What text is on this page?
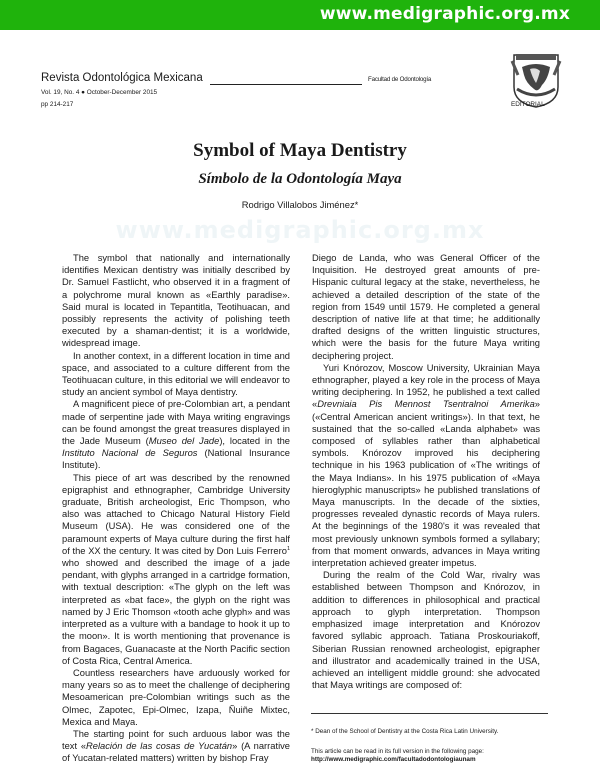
www.medigraphic.org.mx
Revista Odontológica Mexicana	Facultad de Odontología
Vol. 19, No. 4 ● October-December 2015
pp 214-217	EDITORIAL
Symbol of Maya Dentistry
Símbolo de la Odontología Maya
Rodrigo Villalobos Jiménez*
www.medigraphic.org.mx

The symbol that nationally and internationally identifies Mexican dentistry was initially described by Dr. Samuel Fastlicht, who observed it in a fragment of a polychrome mural known as «Earthly paradise». Said mural is located in Tepantitla, Teotihuacan, and possibly represents the activity of polishing teeth executed by a shaman-dentist; it is a worldwide, widespread image.

In another context, in a different location in time and space, and associated to a culture different from the Teotihuacan culture, in this editorial we will endeavor to study an ancient symbol of Maya dentistry.

A magnificent piece of pre-Colombian art, a pendant made of serpentine jade with Maya writing engravings can be found amongst the great treasures displayed in the Jade Museum (Museo del Jade), located in the Instituto Nacional de Seguros (National Insurance Institute).

This piece of art was described by the renowned epigraphist and ethnographer, Cambridge University graduate, British archeologist, Eric Thompson, who also was attached to Chicago Natural History Field Museum (USA). He was considered one of the paramount experts of Maya culture during the first half of the XX the century. It was cited by Don Luis Ferrero$^1$ who showed and described the image of a jade pendant, with glyphs arranged in a cartridge formation, with textual description: «The glyph on the left was interpreted as «bat face», the glyph on the right was named by J Eric Thomson «tooth ache glyph» and was interpreted as a vulture with a bandage to hook it up to the moon». It is worth mentioning that provenance is from Bagaces, Guanacaste at the North Pacific section of Costa Rica, Central America.

Countless researchers have arduously worked for many years so as to meet the challenge of deciphering Mesoamerican pre-Colombian writings such as the Olmec, Zapotec, Epi-Olmec, Izapa, Ñuiñe Mixtec, Mexica and Maya.

The starting point for such arduous labor was the text «Relación de las cosas de Yucatán» (A narrative of Yucatan-related matters) written by bishop Fray

Diego de Landa, who was General Officer of the Inquisition. He destroyed great amounts of pre-Hispanic cultural legacy at the stake, nevertheless, he achieved a detailed description of the state of the region from 1549 until 1579. He completed a general description of native life at that time; he additionally drafted designs of the written linguistic structures, which were the basis for the future Maya writing deciphering project.

Yuri Knórozov, Moscow University, Ukrainian Maya ethnographer, played a key role in the process of Maya writing deciphering. In 1952, he published a text called «Drevniaia Pis Mennost Tsentralnoi Amerika» («Central American ancient writings»). In that text, he sustained that the so-called «Landa alphabet» was composed of syllables rather than alphabetical symbols. Knórozov improved his deciphering technique in his 1963 publication of «The writings of the Maya Indians». In his 1975 publication of «Maya hieroglyphic manuscripts» he published translations of Maya manuscripts. In the decade of the sixties, progresses revealed dynastic records of Maya rulers. At the beginnings of the 1980's it was revealed that most previously unknown symbols formed a syllabary; from that moment onwards, advances in Maya writing interpretation achieved greater impetus.

During the realm of the Cold War, rivalry was established between Thompson and Knórozov, in addition to differences in philosophical and practical approach to glyph interpretation. Thompson emphasized image interpretation and Knórozov favored syllabic approach. Tatiana Proskouriakoff, Siberian Russian renowned archeologist, epigrapher and illustrator and academically trained in the USA, achieved an intelligent middle ground: she advocated that Maya writings are composed of:

* Dean of the School of Dentistry at the Costa Rica Latin University.
This article can be read in its full version in the following page:
http://www.medigraphic.com/facultadodontologiaunam
